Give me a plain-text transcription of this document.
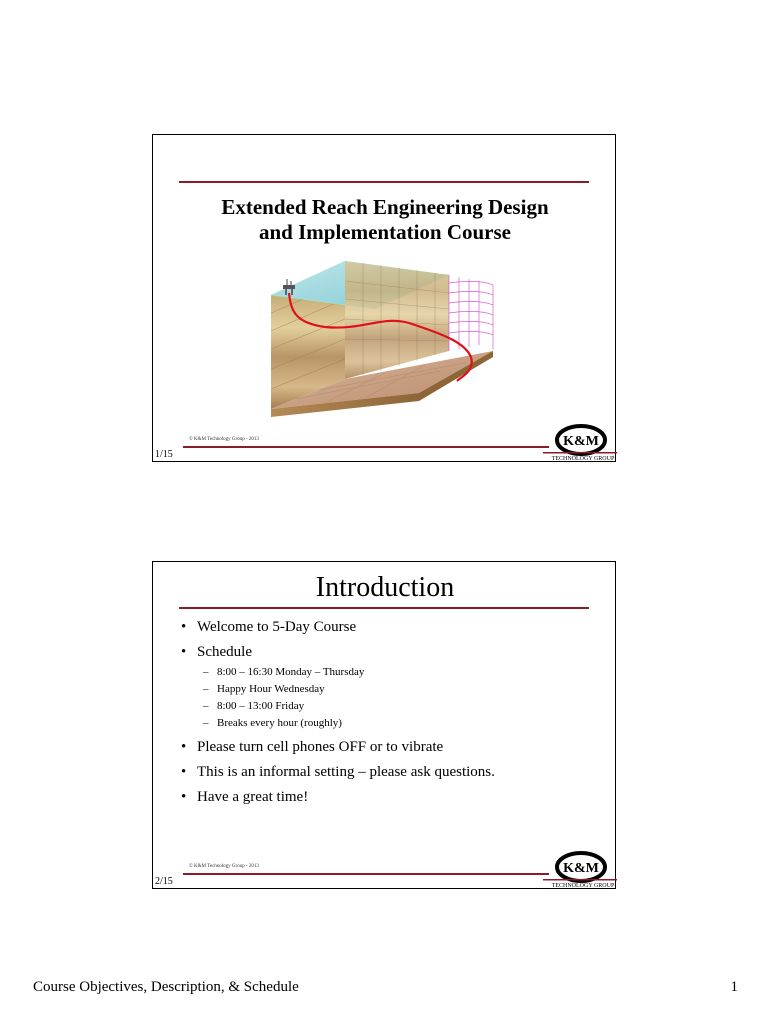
Extended Reach Engineering Design
and Implementation Course
© K&M Technology Group - 2013
1/15
K&M
TECHNOLOGY GROUP
Introduction
• Welcome to 5-Day Course
• Schedule
– 8:00 – 16:30 Monday – Thursday
– Happy Hour Wednesday
– 8:00 – 13:00 Friday
– Breaks every hour (roughly)
• Please turn cell phones OFF or to vibrate
• This is an informal setting – please ask questions.
• Have a great time!
© K&M Technology Group - 2013
2/15
K&M
TECHNOLOGY GROUP
Course Objectives, Description, & Schedule	1
